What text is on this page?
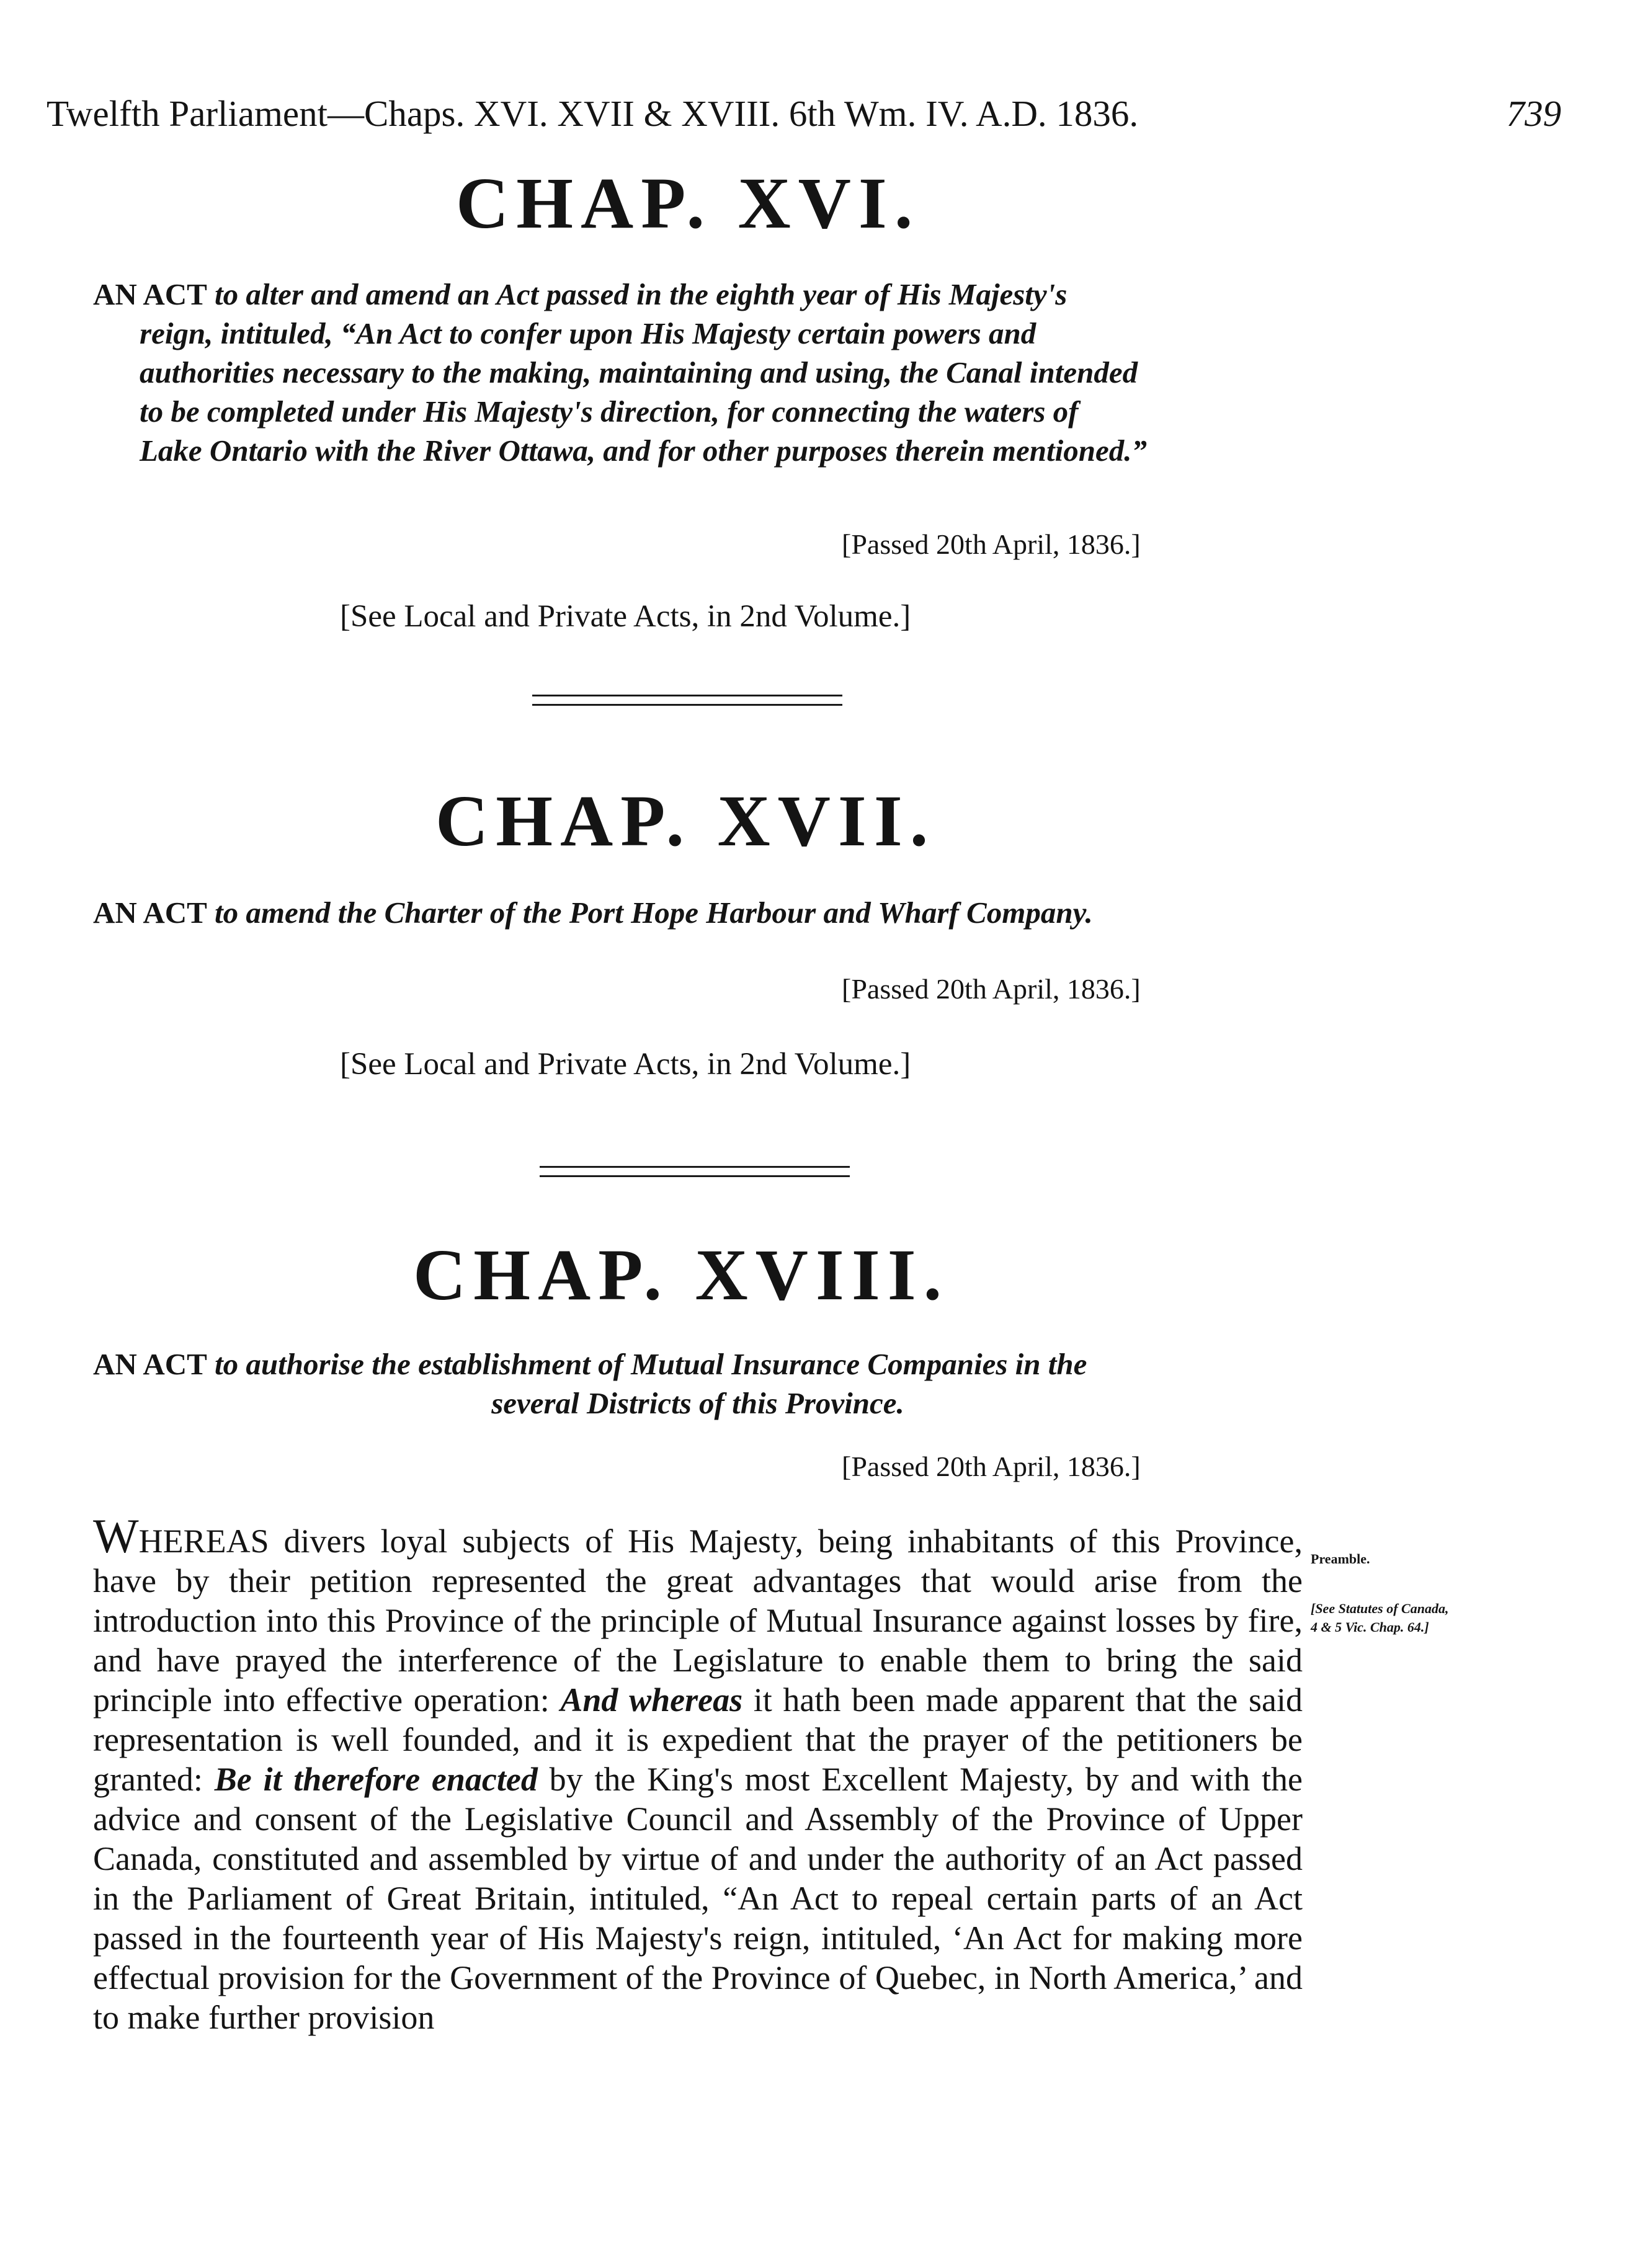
Twelfth Parliament—Chaps. XVI. XVII & XVIII. 6th Wm. IV. A.D. 1836.	739
CHAP. XVI.
AN ACT to alter and amend an Act passed in the eighth year of His Majesty's
reign, intituled, “An Act to confer upon His Majesty certain powers and
authorities necessary to the making, maintaining and using, the Canal intended
to be completed under His Majesty's direction, for connecting the waters of
Lake Ontario with the River Ottawa, and for other purposes therein mentioned.”
[Passed 20th April, 1836.]
[See Local and Private Acts, in 2nd Volume.]
CHAP. XVII.
AN ACT to amend the Charter of the Port Hope Harbour and Wharf Company.
[Passed 20th April, 1836.]
[See Local and Private Acts, in 2nd Volume.]
CHAP. XVIII.
AN ACT to authorise the establishment of Mutual Insurance Companies in the
several Districts of this Province.
[Passed 20th April, 1836.]
WHEREAS divers loyal subjects of His Majesty, being inhabitants of this Province, have by their petition represented the great advantages that would arise from the introduction into this Province of the principle of Mutual Insurance against losses by fire, and have prayed the interference of the Legislature to enable them to bring the said principle into effective operation: And whereas it hath been made apparent that the said representation is well founded, and it is expedient that the prayer of the petitioners be granted: Be it therefore enacted by the King's most Excellent Majesty, by and with the advice and consent of the Legislative Council and Assembly of the Province of Upper Canada, constituted and assembled by virtue of and under the authority of an Act passed in the Parliament of Great Britain, intituled, “An Act to repeal certain parts of an Act passed in the fourteenth year of His Majesty's reign, intituled, ‘An Act for making more effectual provision for the Government of the Province of Quebec, in North America,’ and to make further provision
Preamble.
[See Statutes of Canada,
4 & 5 Vic. Chap. 64.]
